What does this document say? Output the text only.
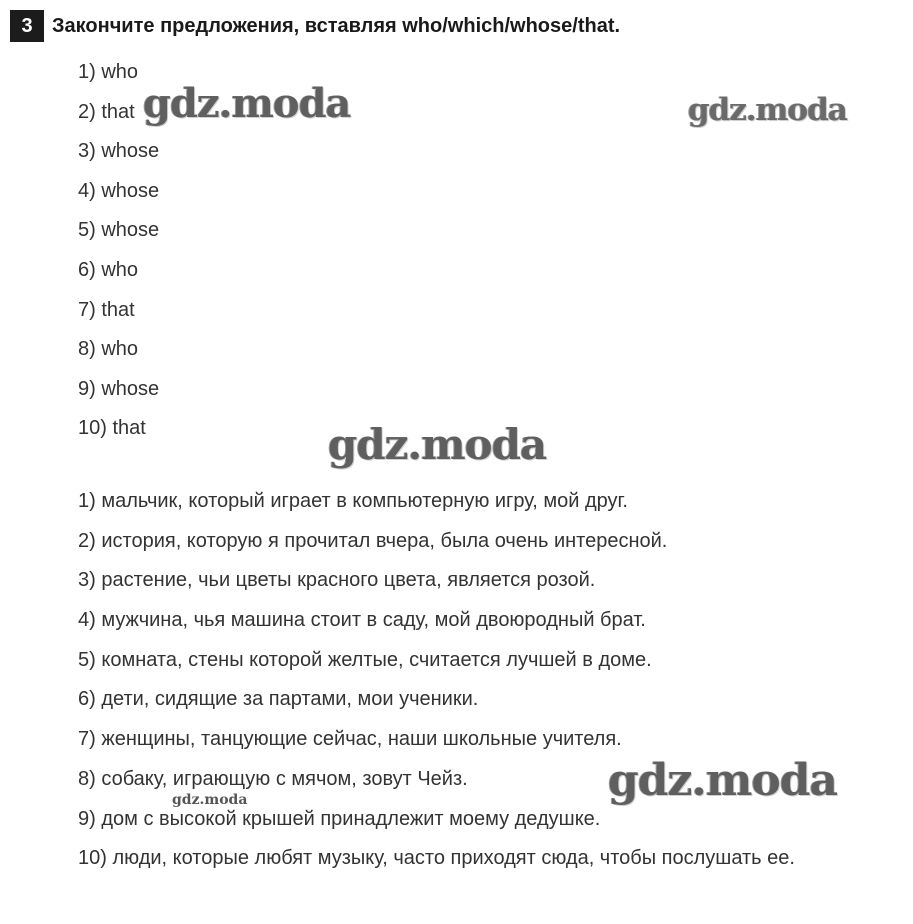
3 Закончите предложения, вставляя who/which/whose/that.
1) who
2) that
3) whose
4) whose
5) whose
6) who
7) that
8) who
9) whose
10) that
1) мальчик, который играет в компьютерную игру, мой друг.
2) история, которую я прочитал вчера, была очень интересной.
3) растение, чьи цветы красного цвета, является розой.
4) мужчина, чья машина стоит в саду, мой двоюродный брат.
5) комната, стены которой желтые, считается лучшей в доме.
6) дети, сидящие за партами, мои ученики.
7) женщины, танцующие сейчас, наши школьные учителя.
8) собаку, играющую с мячом, зовут Чейз.
9) дом с высокой крышей принадлежит моему дедушке.
10) люди, которые любят музыку, часто приходят сюда, чтобы послушать ее.
gdz.moda	gdz.moda
gdz.moda
gdz.moda
gdz.moda
